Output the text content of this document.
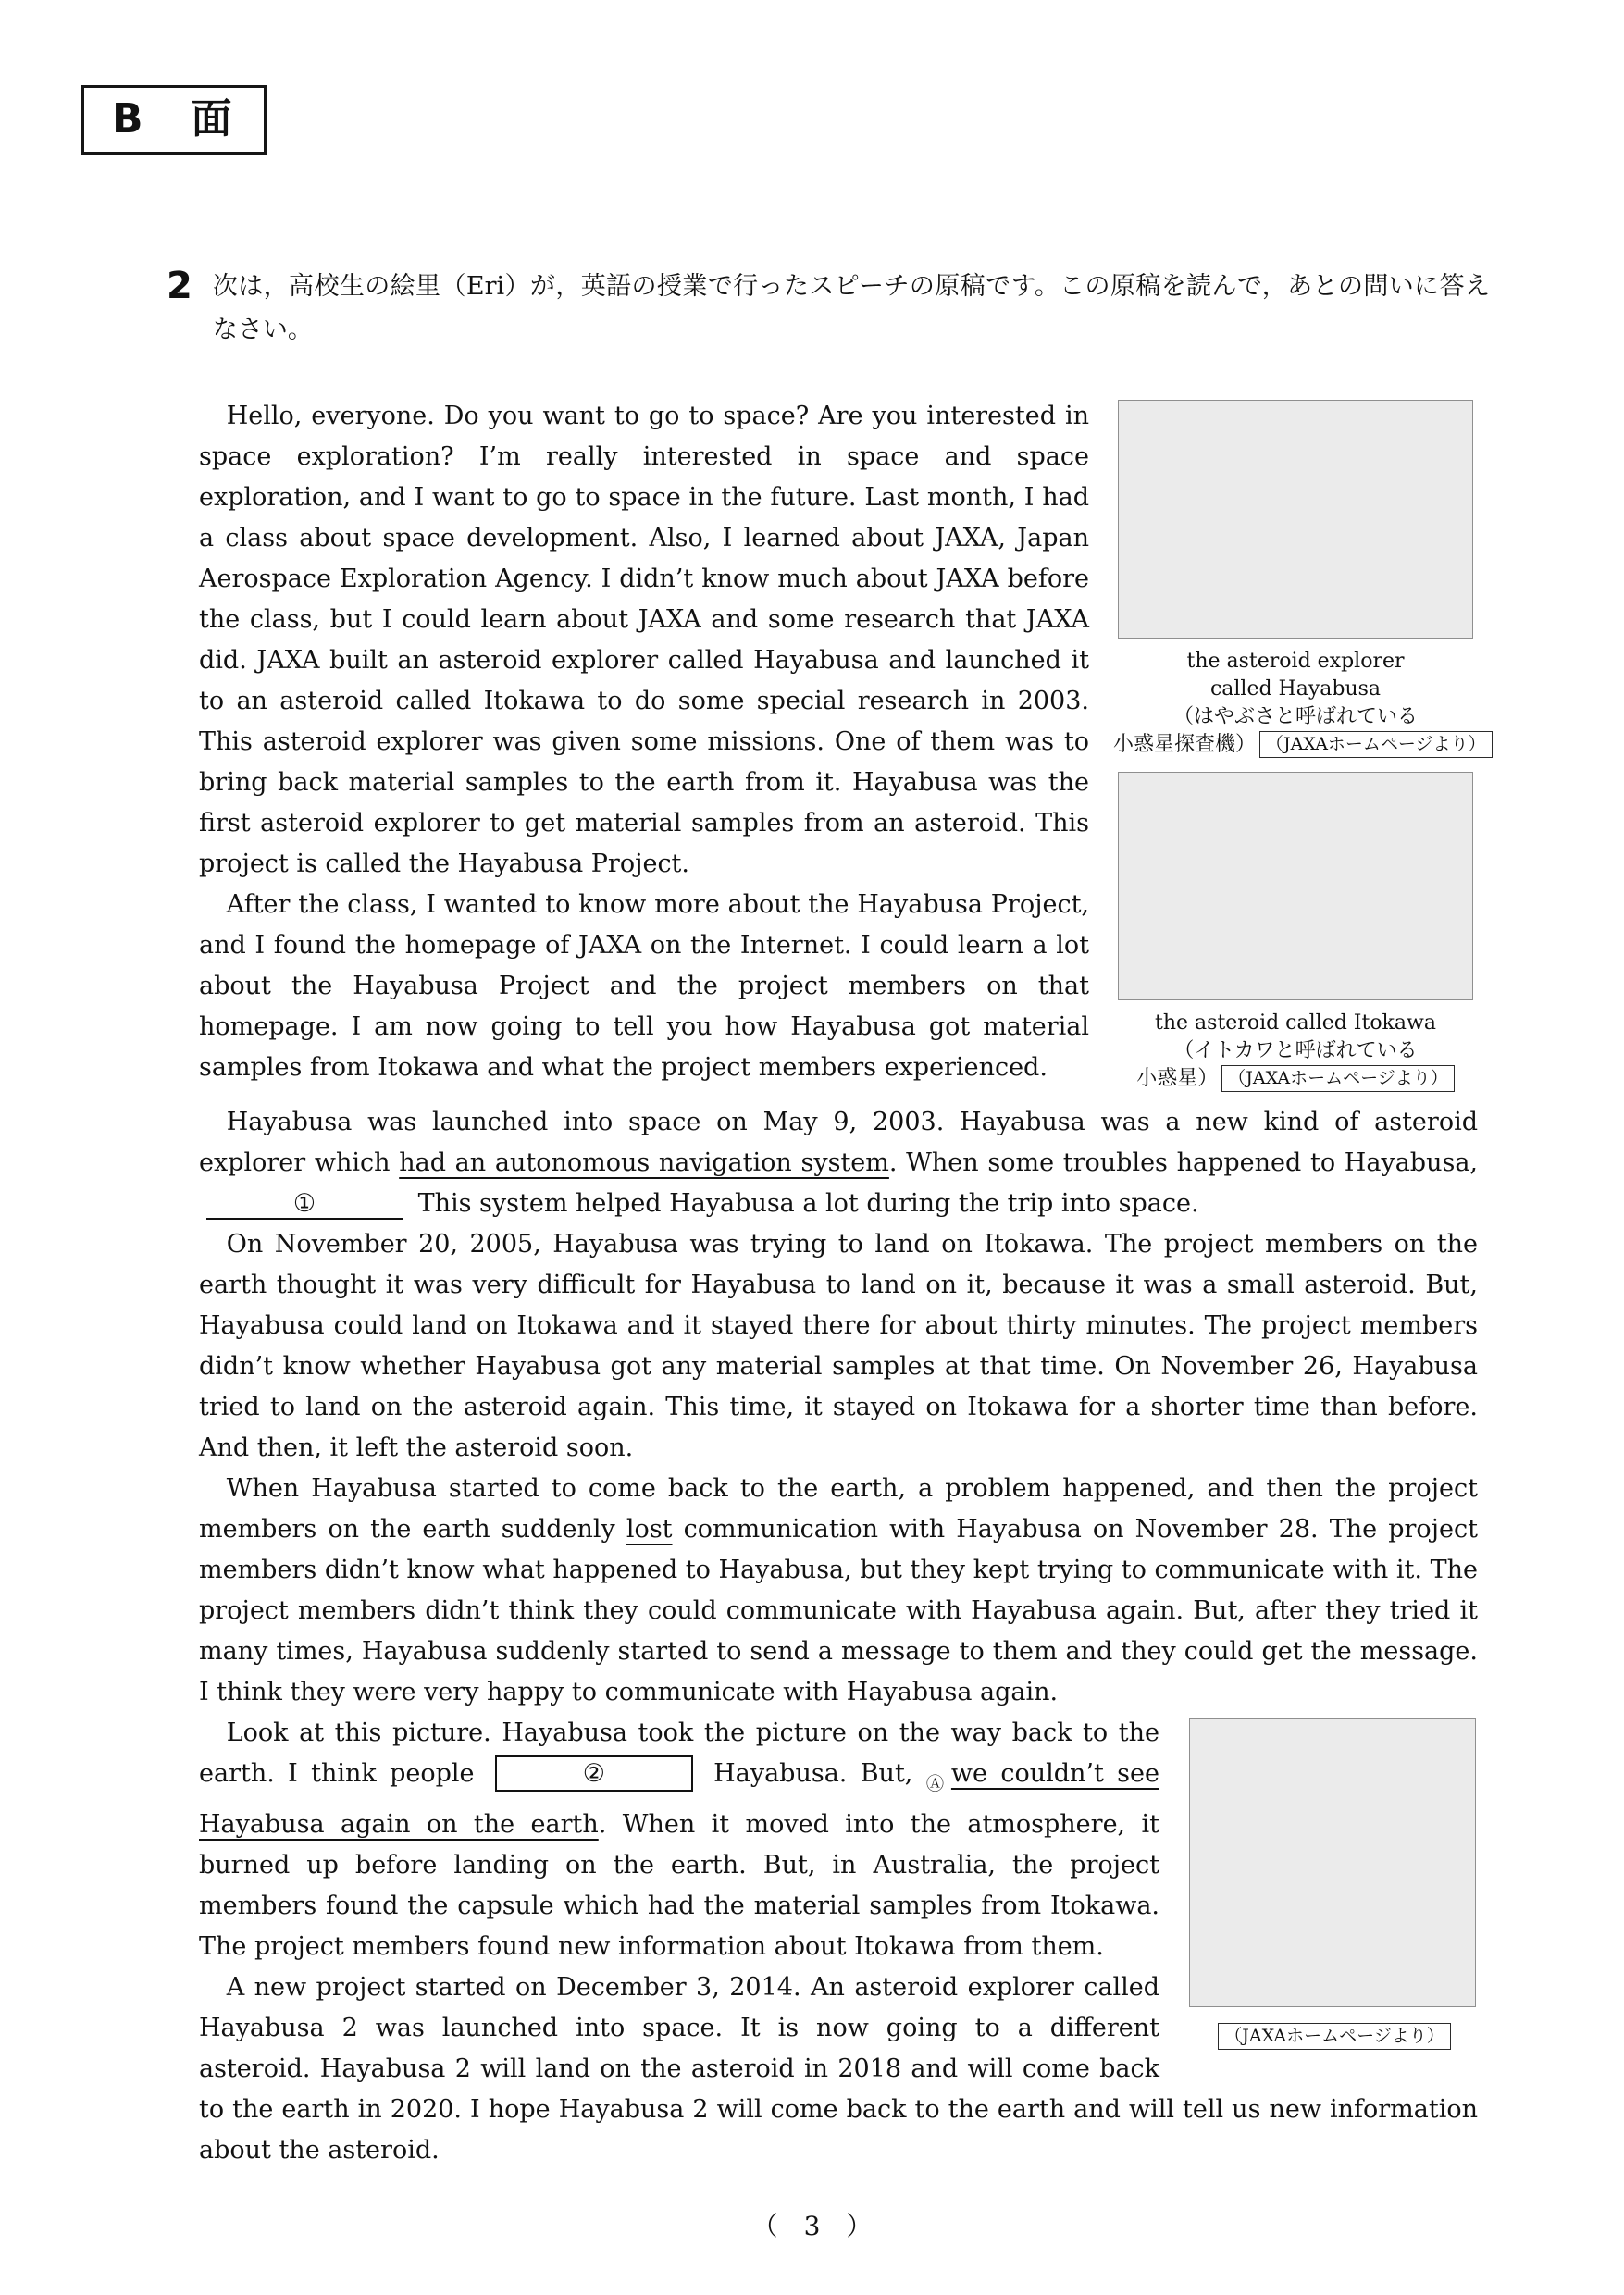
B　面
2 次は，高校生の絵里（Eri）が，英語の授業で行ったスピーチの原稿です。この原稿を読んで，あとの問いに答えなさい。
the asteroid explorer
called Hayabusa
（はやぶさと呼ばれている
小惑星探査機） （JAXAホームページより）
the asteroid called Itokawa
（イトカワと呼ばれている
小惑星） （JAXAホームページより）

Hello, everyone. Do you want to go to space? Are you interested in space exploration? I’m really interested in space and space exploration, and I want to go to space in the future. Last month, I had a class about space development. Also, I learned about JAXA, Japan Aerospace Exploration Agency. I didn’t know much about JAXA before the class, but I could learn about JAXA and some research that JAXA did. JAXA built an asteroid explorer called Hayabusa and launched it to an asteroid called Itokawa to do some special research in 2003. This asteroid explorer was given some missions. One of them was to bring back material samples to the earth from it. Hayabusa was the first asteroid explorer to get material samples from an asteroid. This project is called the Hayabusa Project.

After the class, I wanted to know more about the Hayabusa Project, and I found the homepage of JAXA on the Internet. I could learn a lot about the Hayabusa Project and the project members on that homepage. I am now going to tell you how Hayabusa got material samples from Itokawa and what the project members experienced.

Hayabusa was launched into space on May 9, 2003. Hayabusa was a new kind of asteroid explorer which had an autonomous navigation system. When some troubles happened to Hayabusa, ①	This system helped Hayabusa a lot during the trip into space.

On November 20, 2005, Hayabusa was trying to land on Itokawa. The project members on the earth thought it was very difficult for Hayabusa to land on it, because it was a small asteroid. But, Hayabusa could land on Itokawa and it stayed there for about thirty minutes. The project members didn’t know whether Hayabusa got any material samples at that time. On November 26, Hayabusa tried to land on the asteroid again. This time, it stayed on Itokawa for a shorter time than before. And then, it left the asteroid soon.

When Hayabusa started to come back to the earth, a problem happened, and then the project members on the earth suddenly lost communication with Hayabusa on November 28. The project members didn’t know what happened to Hayabusa, but they kept trying to communicate with it. The project members didn’t think they could communicate with Hayabusa again. But, after they tried it many times, Hayabusa suddenly started to send a message to them and they could get the message. I think they were very happy to communicate with Hayabusa again.

（JAXAホームページより）

Look at this picture. Hayabusa took the picture on the way back to the earth. I think people	②	Hayabusa. But, $_Ⓐ$we couldn’t see Hayabusa again on the earth. When it moved into the atmosphere, it burned up before landing on the earth. But, in Australia, the project members found the capsule which had the material samples from Itokawa. The project members found new information about Itokawa from them.

A new project started on December 3, 2014. An asteroid explorer called Hayabusa 2 was launched into space. It is now going to a different asteroid. Hayabusa 2 will land on the asteroid in 2018 and will come back to the earth in 2020. I hope Hayabusa 2 will come back to the earth and will tell us new information about the asteroid.

（　3　）
